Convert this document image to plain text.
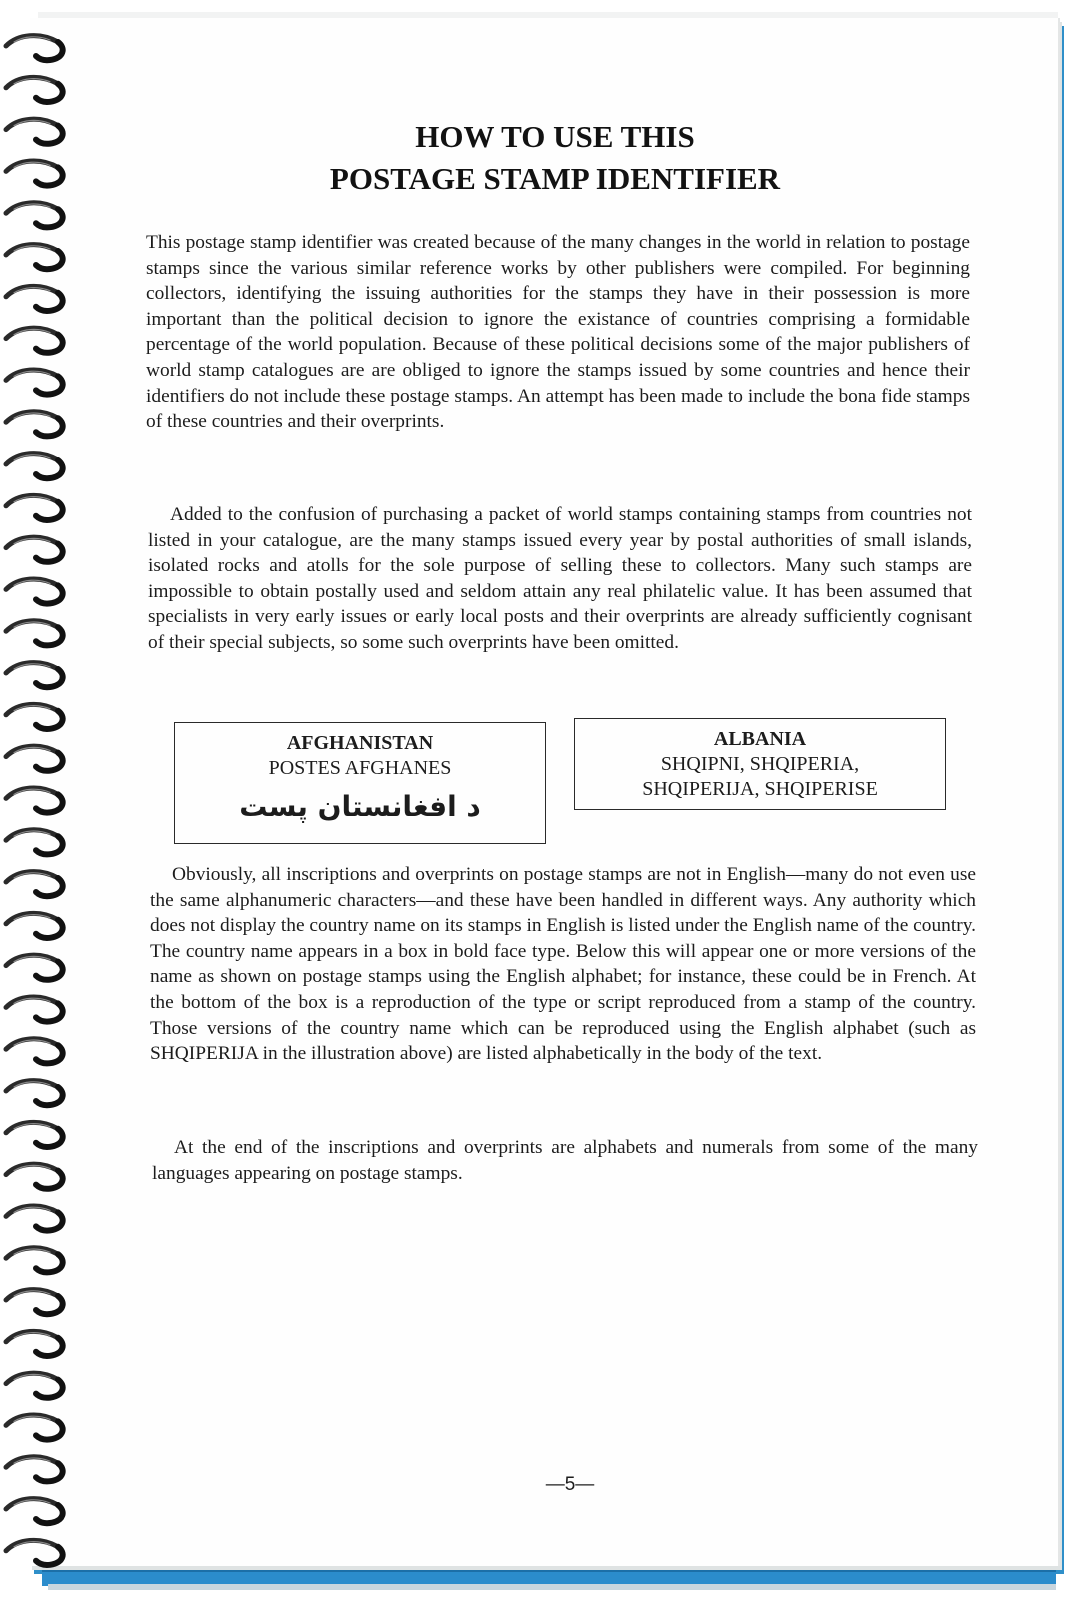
HOW TO USE THIS
POSTAGE STAMP IDENTIFIER

This postage stamp identifier was created because of the many changes in the world in relation to postage stamps since the various similar reference works by other publishers were compiled. For beginning collectors, identifying the issuing authorities for the stamps they have in their possession is more important than the political decision to ignore the existance of countries comprising a formidable percentage of the world population. Because of these political decisions some of the major publishers of world stamp catalogues are are obliged to ignore the stamps issued by some countries and hence their identifiers do not include these postage stamps. An attempt has been made to include the bona fide stamps of these countries and their overprints.

Added to the confusion of purchasing a packet of world stamps containing stamps from countries not listed in your catalogue, are the many stamps issued every year by postal authorities of small islands, isolated rocks and atolls for the sole purpose of selling these to collectors. Many such stamps are impossible to obtain postally used and seldom attain any real philatelic value. It has been assumed that specialists in very early issues or early local posts and their overprints are already sufficiently cognisant of their special subjects, so some such overprints have been omitted.

AFGHANISTAN
POSTES AFGHANES
د افغانستان پست
ALBANIA
SHQIPNI, SHQIPERIA,
SHQIPERIJA, SHQIPERISE

Obviously, all inscriptions and overprints on postage stamps are not in English—many do not even use the same alphanumeric characters—and these have been handled in different ways. Any authority which does not display the country name on its stamps in English is listed under the English name of the country. The country name appears in a box in bold face type. Below this will appear one or more versions of the name as shown on postage stamps using the English alphabet; for instance, these could be in French. At the bottom of the box is a reproduction of the type or script reproduced from a stamp of the country. Those versions of the country name which can be reproduced using the English alphabet (such as SHQIPERIJA in the illustration above) are listed alphabetically in the body of the text.

At the end of the inscriptions and overprints are alphabets and numerals from some of the many languages appearing on postage stamps.

—5—
